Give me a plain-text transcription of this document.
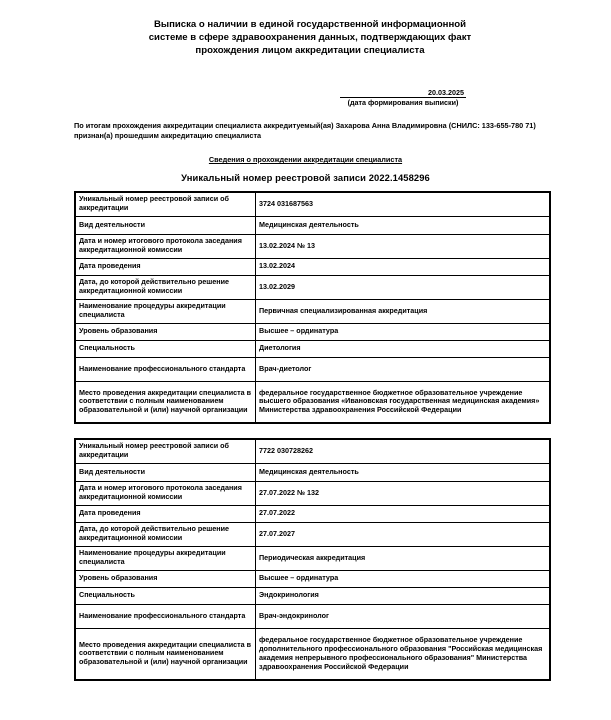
Выписка о наличии в единой государственной информационной
системе в сфере здравоохранения данных, подтверждающих факт
прохождения лицом аккредитации специалиста
20.03.2025
(дата формирования выписки)
По итогам прохождения аккредитации специалиста аккредитуемый(ая) Захарова Анна Владимировна (СНИЛС: 133-655-780 71) признан(а) прошедшим аккредитацию специалиста
Сведения о прохождении аккредитации специалиста
Уникальный номер реестровой записи 2022.1458296
Уникальный номер реестровой записи об аккредитации	3724 031687563
Вид деятельности	Медицинская деятельность
Дата и номер итогового протокола заседания аккредитационной комиссии	13.02.2024 № 13
Дата проведения	13.02.2024
Дата, до которой действительно решение аккредитационной комиссии	13.02.2029
Наименование процедуры аккредитации специалиста	Первичная специализированная аккредитация
Уровень образования	Высшее – ординатура
Специальность	Диетология
Наименование профессионального стандарта	Врач-диетолог
Место проведения аккредитации специалиста в соответствии с полным наименованием образовательной и (или) научной организации	федеральное государственное бюджетное образовательное учреждение высшего образования «Ивановская государственная медицинская академия» Министерства здравоохранения Российской Федерации
Уникальный номер реестровой записи об аккредитации	7722 030728262
Вид деятельности	Медицинская деятельность
Дата и номер итогового протокола заседания аккредитационной комиссии	27.07.2022 № 132
Дата проведения	27.07.2022
Дата, до которой действительно решение аккредитационной комиссии	27.07.2027
Наименование процедуры аккредитации специалиста	Периодическая аккредитация
Уровень образования	Высшее – ординатура
Специальность	Эндокринология
Наименование профессионального стандарта	Врач-эндокринолог
Место проведения аккредитации специалиста в соответствии с полным наименованием образовательной и (или) научной организации	федеральное государственное бюджетное образовательное учреждение дополнительного профессионального образования "Российская медицинская академия непрерывного профессионального образования" Министерства здравоохранения Российской Федерации
